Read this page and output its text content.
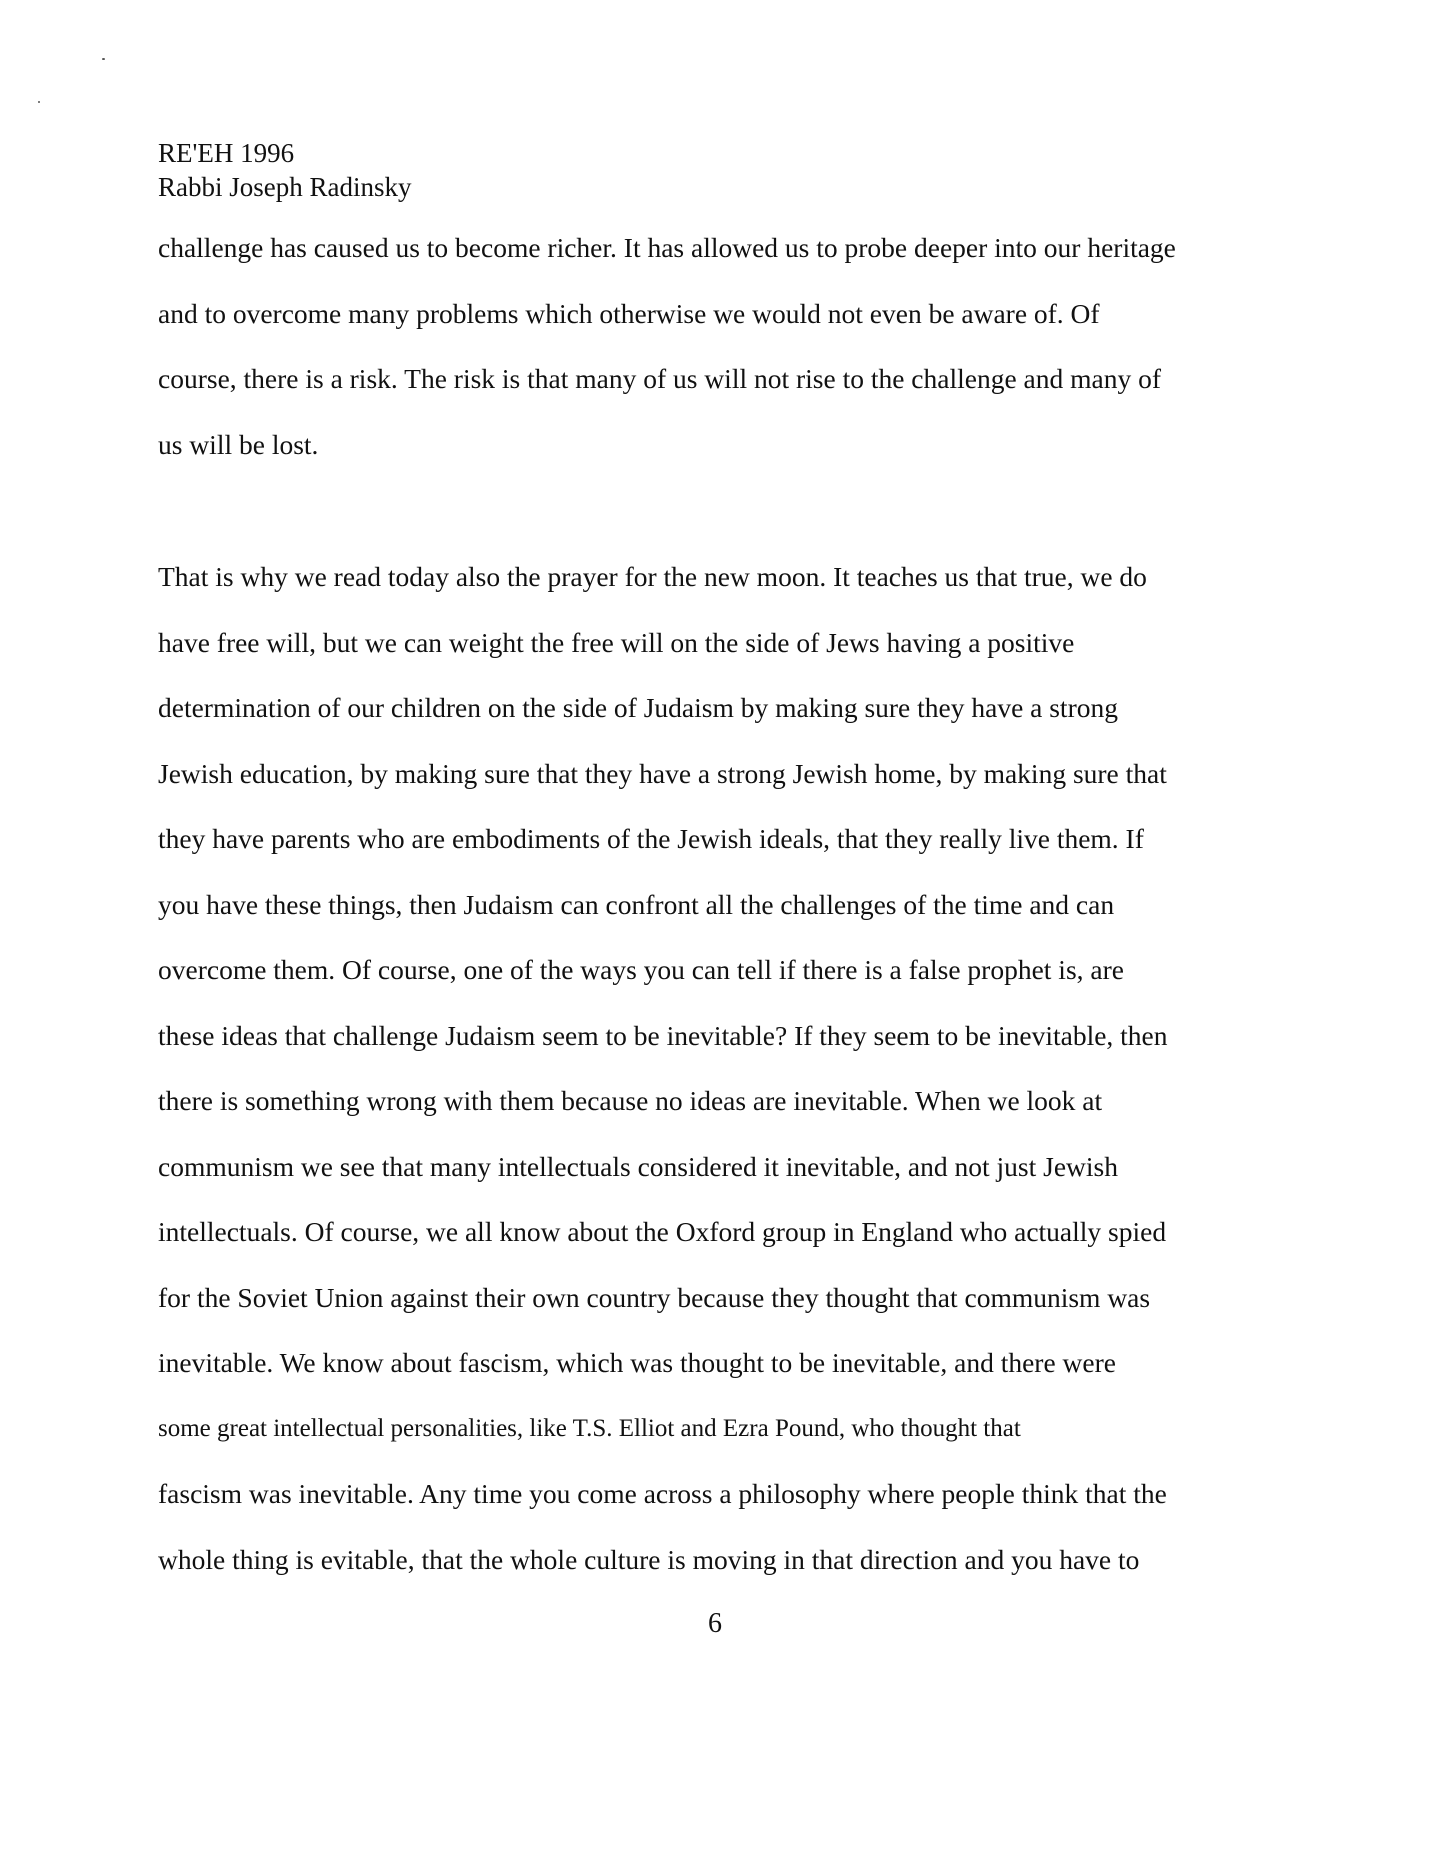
RE'EH 1996
Rabbi Joseph Radinsky
challenge has caused us to become richer. It has allowed us to probe deeper into our heritage
and to overcome many problems which otherwise we would not even be aware of. Of
course, there is a risk. The risk is that many of us will not rise to the challenge and many of
us will be lost.
That is why we read today also the prayer for the new moon. It teaches us that true, we do
have free will, but we can weight the free will on the side of Jews having a positive
determination of our children on the side of Judaism by making sure they have a strong
Jewish education, by making sure that they have a strong Jewish home, by making sure that
they have parents who are embodiments of the Jewish ideals, that they really live them. If
you have these things, then Judaism can confront all the challenges of the time and can
overcome them. Of course, one of the ways you can tell if there is a false prophet is, are
these ideas that challenge Judaism seem to be inevitable? If they seem to be inevitable, then
there is something wrong with them because no ideas are inevitable. When we look at
communism we see that many intellectuals considered it inevitable, and not just Jewish
intellectuals. Of course, we all know about the Oxford group in England who actually spied
for the Soviet Union against their own country because they thought that communism was
inevitable. We know about fascism, which was thought to be inevitable, and there were
some great intellectual personalities, like T.S. Elliot and Ezra Pound, who thought that
fascism was inevitable. Any time you come across a philosophy where people think that the
whole thing is evitable, that the whole culture is moving in that direction and you have to
6
